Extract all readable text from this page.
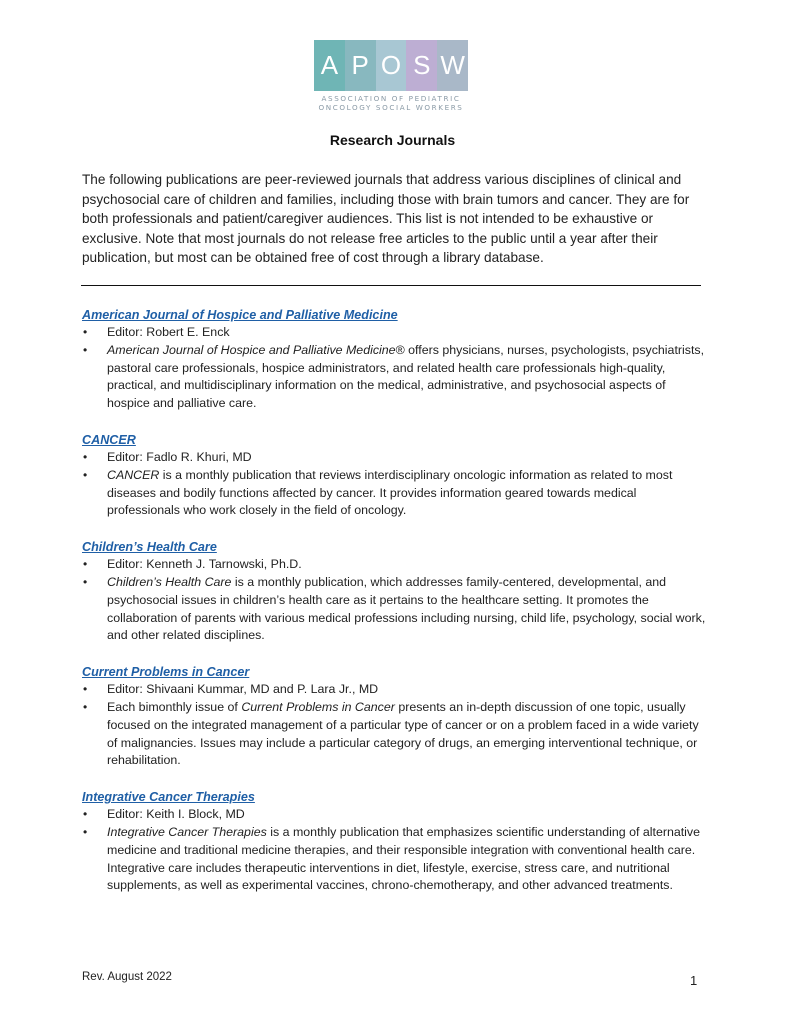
A P O S W
ASSOCIATION OF PEDIATRIC
ONCOLOGY SOCIAL WORKERS
Research Journals

The following publications are peer-reviewed journals that address various disciplines of clinical and psychosocial care of children and families, including those with brain tumors and cancer. They are for both professionals and patient/caregiver audiences. This list is not intended to be exhaustive or exclusive. Note that most journals do not release free articles to the public until a year after their publication, but most can be obtained free of cost through a library database.

American Journal of Hospice and Palliative Medicine
• Editor: Robert E. Enck
• American Journal of Hospice and Palliative Medicine® offers physicians, nurses, psychologists, psychiatrists, pastoral care professionals, hospice administrators, and related health care professionals high-quality, practical, and multidisciplinary information on the medical, administrative, and psychosocial aspects of hospice and palliative care.
CANCER
• Editor: Fadlo R. Khuri, MD
• CANCER is a monthly publication that reviews interdisciplinary oncologic information as related to most diseases and bodily functions affected by cancer. It provides information geared towards medical professionals who work closely in the field of oncology.
Children’s Health Care
• Editor: Kenneth J. Tarnowski, Ph.D.
• Children’s Health Care is a monthly publication, which addresses family-centered, developmental, and psychosocial issues in children’s health care as it pertains to the healthcare setting. It promotes the collaboration of parents with various medical professions including nursing, child life, psychology, social work, and other related disciplines.
Current Problems in Cancer
• Editor: Shivaani Kummar, MD and P. Lara Jr., MD
• Each bimonthly issue of Current Problems in Cancer presents an in-depth discussion of one topic, usually focused on the integrated management of a particular type of cancer or on a problem faced in a wide variety of malignancies. Issues may include a particular category of drugs, an emerging interventional technique, or rehabilitation.
Integrative Cancer Therapies
• Editor: Keith I. Block, MD
• Integrative Cancer Therapies is a monthly publication that emphasizes scientific understanding of alternative medicine and traditional medicine therapies, and their responsible integration with conventional health care. Integrative care includes therapeutic interventions in diet, lifestyle, exercise, stress care, and nutritional supplements, as well as experimental vaccines, chrono-chemotherapy, and other advanced treatments.
Rev. August 2022	1
